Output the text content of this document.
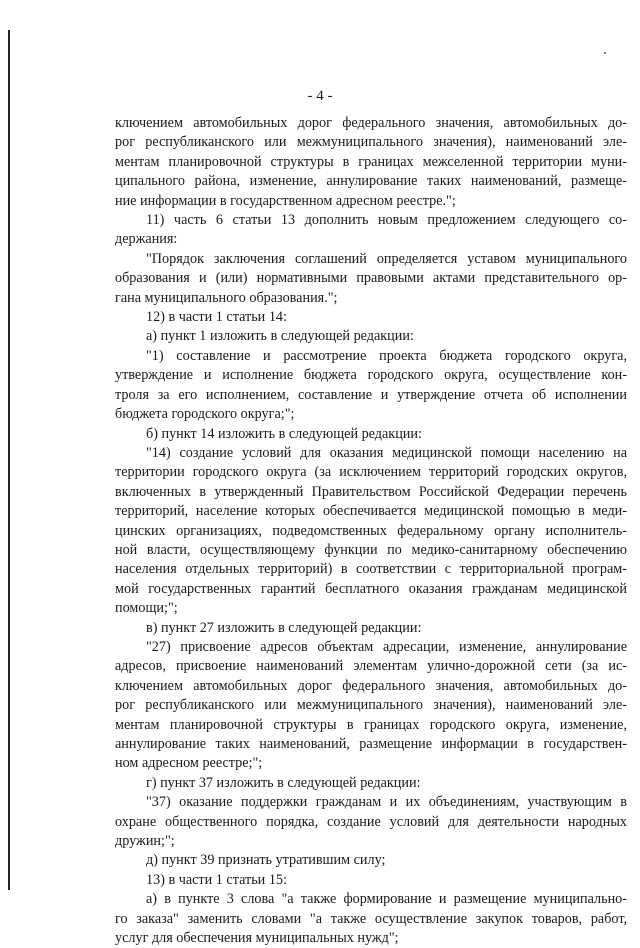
- 4 -
ключением автомобильных дорог федерального значения, автомобильных до-
рог республиканского или межмуниципального значения), наименований эле-
ментам планировочной структуры в границах межселенной территории муни-
ципального района, изменение, аннулирование таких наименований, размеще-
ние информации в государственном адресном реестре.";
11) часть 6 статьи 13 дополнить новым предложением следующего со-
держания:
"Порядок заключения соглашений определяется уставом муниципального
образования и (или) нормативными правовыми актами представительного ор-
гана муниципального образования.";
12) в части 1 статьи 14:
а) пункт 1 изложить в следующей редакции:
"1) составление и рассмотрение проекта бюджета городского округа,
утверждение и исполнение бюджета городского округа, осуществление кон-
троля за его исполнением, составление и утверждение отчета об исполнении
бюджета городского округа;";
б) пункт 14 изложить в следующей редакции:
"14) создание условий для оказания медицинской помощи населению на
территории городского округа (за исключением территорий городских округов,
включенных в утвержденный Правительством Российской Федерации перечень
территорий, население которых обеспечивается медицинской помощью в меди-
цинских организациях, подведомственных федеральному органу исполнитель-
ной власти, осуществляющему функции по медико-санитарному обеспечению
населения отдельных территорий) в соответствии с территориальной програм-
мой государственных гарантий бесплатного оказания гражданам медицинской
помощи;";
в) пункт 27 изложить в следующей редакции:
"27) присвоение адресов объектам адресации, изменение, аннулирование
адресов, присвоение наименований элементам улично-дорожной сети (за ис-
ключением автомобильных дорог федерального значения, автомобильных до-
рог республиканского или межмуниципального значения), наименований эле-
ментам планировочной структуры в границах городского округа, изменение,
аннулирование таких наименований, размещение информации в государствен-
ном адресном реестре;";
г) пункт 37 изложить в следующей редакции:
"37) оказание поддержки гражданам и их объединениям, участвующим в
охране общественного порядка, создание условий для деятельности народных
дружин;";
д) пункт 39 признать утратившим силу;
13) в части 1 статьи 15:
а) в пункте 3 слова "а также формирование и размещение муниципально-
го заказа" заменить словами "а также осуществление закупок товаров, работ,
услуг для обеспечения муниципальных нужд";
